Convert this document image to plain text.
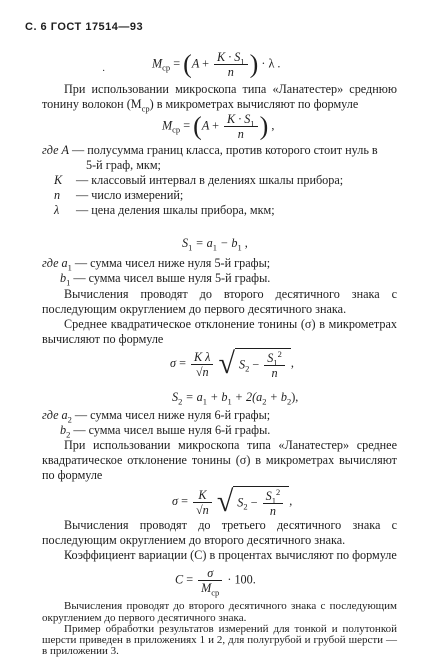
С. 6 ГОСТ 17514—93
·
$M_{ср} = (A + \frac{K \cdot S_1}{n}$ ) · λ .
При использовании микроскопа типа «Ланатестер» среднюю тонину волокон $(M_{ср})$ в микрометрах вычисляют по формуле
$M_{ср} = (A + \frac{K \cdot S_1}{n}$ ) ,
где A — полусумма границ класса, против которого стоит нуль в
5-й граф, мкм;
K — классовый интервал в делениях шкалы прибора;
n — число измерений;
λ — цена деления шкалы прибора, мкм;
$S_1 = a_1 - b_1$ ,
где $a_1$ — сумма чисел ниже нуля 5-й графы;
$b_1$ — сумма чисел выше нуля 5-й графы.
Вычисления проводят до второго десятичного знака с последующим округлением до первого десятичного знака.
Среднее квадратическое отклонение тонины (σ) в микрометрах вычисляют по формуле
$\sigma = \frac{\text{K λ}}{√n}$ √ $S_2 - \frac{S_1^2}{n}$ ,
$S_2 = a_1 + b_1 + 2(a_2 + b_2)$,
где $a_2$ — сумма чисел ниже нуля 6-й графы;
$b_2$ — сумма чисел выше нуля 6-й графы.
При использовании микроскопа типа «Ланатестер» среднее квадратическое отклонение тонины (σ) в микрометрах вычисляют по формуле
$\sigma = \frac{K}{√n}$ √ $S_2 - \frac{S_1^2}{n}$ ,
Вычисления проводят до третьего десятичного знака с последующим округлением до второго десятичного знака.
Коэффициент вариации (C) в процентах вычисляют по формуле
$C = \frac{\sigma}{M_{ср}} \cdot 100$.
Вычисления проводят до второго десятичного знака с последующим округлением до первого десятичного знака.
Пример обработки результатов измерений для тонкой и полутонкой шерсти приведен в приложениях 1 и 2, для полугрубой и грубой шерсти — в приложении 3.
